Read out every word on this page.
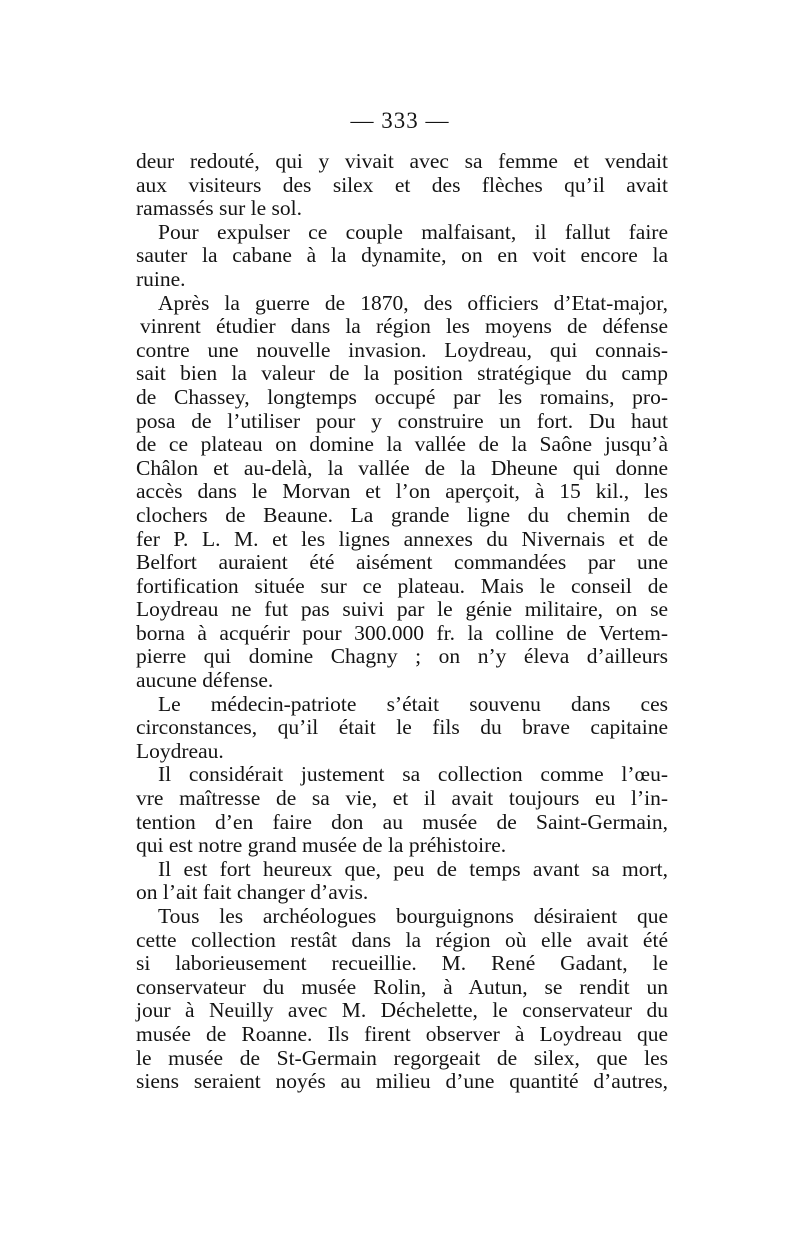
— 333 —
deur redouté, qui y vivait avec sa femme et vendait
aux visiteurs des silex et des flèches qu’il avait
ramassés sur le sol.
Pour expulser ce couple malfaisant, il fallut faire
sauter la cabane à la dynamite, on en voit encore la
ruine.
Après la guerre de 1870, des officiers d’Etat-major,
vinrent étudier dans la région les moyens de défense
contre une nouvelle invasion. Loydreau, qui connais-
sait bien la valeur de la position stratégique du camp
de Chassey, longtemps occupé par les romains, pro-
posa de l’utiliser pour y construire un fort. Du haut
de ce plateau on domine la vallée de la Saône jusqu’à
Châlon et au-delà, la vallée de la Dheune qui donne
accès dans le Morvan et l’on aperçoit, à 15 kil., les
clochers de Beaune. La grande ligne du chemin de
fer P. L. M. et les lignes annexes du Nivernais et de
Belfort auraient été aisément commandées par une
fortification située sur ce plateau. Mais le conseil de
Loydreau ne fut pas suivi par le génie militaire, on se
borna à acquérir pour 300.000 fr. la colline de Vertem-
pierre qui domine Chagny ; on n’y éleva d’ailleurs
aucune défense.
Le médecin-patriote s’était souvenu dans ces
circonstances, qu’il était le fils du brave capitaine
Loydreau.
Il considérait justement sa collection comme l’œu-
vre maîtresse de sa vie, et il avait toujours eu l’in-
tention d’en faire don au musée de Saint-Germain,
qui est notre grand musée de la préhistoire.
Il est fort heureux que, peu de temps avant sa mort,
on l’ait fait changer d’avis.
Tous les archéologues bourguignons désiraient que
cette collection restât dans la région où elle avait été
si laborieusement recueillie. M. René Gadant, le
conservateur du musée Rolin, à Autun, se rendit un
jour à Neuilly avec M. Déchelette, le conservateur du
musée de Roanne. Ils firent observer à Loydreau que
le musée de St-Germain regorgeait de silex, que les
siens seraient noyés au milieu d’une quantité d’autres,
